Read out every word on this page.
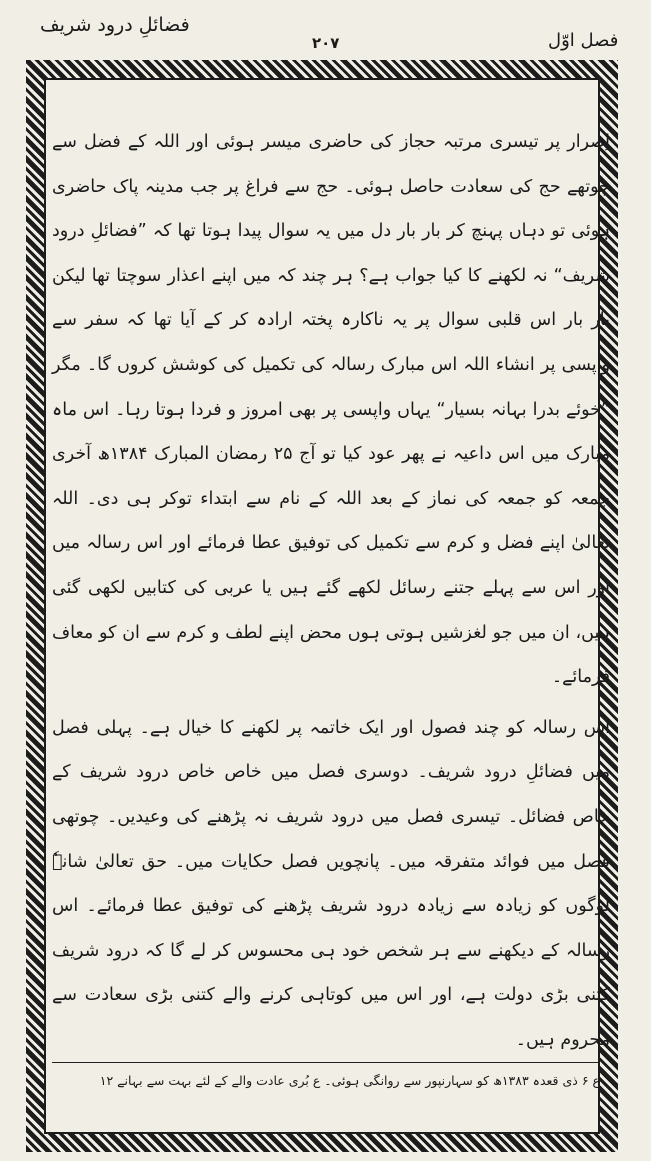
فضائلِ درود شریف
۲۰۷	فصل اوّل

اِصرار پر تیسری مرتبہ حجاز کی حاضری میسر ہوئی اور اللہ کے فضل سے چوتھے حج کی سعادت حاصل ہوئی۔ حج سے فراغ پر جب مدینہ پاک حاضری ہوئی تو دہاں پہنچ کر بار بار دل میں یہ سوال پیدا ہوتا تھا کہ ”فضائلِ درود شریف“ نہ لکھنے کا کیا جواب ہے؟ ہر چند کہ میں اپنے اعذار سوچتا تھا لیکن بار بار اس قلبی سوال پر یہ ناکارہ پختہ ارادہ کر کے آیا تھا کہ سفر سے واپسی پر انشاء اللہ اس مبارک رسالہ کی تکمیل کی کوشش کروں گا۔ مگر ”خوئے بدرا بہانہ بسیار“ یہاں واپسی پر بھی امروز و فردا ہوتا رہا۔ اس ماہ مبارک میں اس داعیہ نے پھر عود کیا تو آج ۲۵ رمضان المبارک ۱۳۸۴ھ آخری جمعہ کو جمعہ کی نماز کے بعد اللہ کے نام سے ابتداء توکر ہی دی۔ اللہ تعالیٰ اپنے فضل و کرم سے تکمیل کی توفیق عطا فرمائے اور اس رسالہ میں اور اس سے پہلے جتنے رسائل لکھے گئے ہیں یا عربی کی کتابیں لکھی گئی ہیں، ان میں جو لغزشیں ہوتی ہوں محض اپنے لطف و کرم سے ان کو معاف فرمائے۔

اس رسالہ کو چند فصول اور ایک خاتمہ پر لکھنے کا خیال ہے۔ پہلی فصل میں فضائلِ درود شریف۔ دوسری فصل میں خاص خاص درود شریف کے خاص فضائل۔ تیسری فصل میں درود شریف نہ پڑھنے کی وعیدیں۔ چوتھی فصل میں فوائد متفرقہ میں۔ پانچویں فصل حکایات میں۔ حق تعالیٰ شانہٗ لوگوں کو زیادہ سے زیادہ درود شریف پڑھنے کی توفیق عطا فرمائے۔ اس رسالہ کے دیکھنے سے ہر شخص خود ہی محسوس کر لے گا کہ درود شریف کتنی بڑی دولت ہے، اور اس میں کوتاہی کرنے والے کتنی بڑی سعادت سے محروم ہیں۔

ع ۶ ذی قعدہ ۱۳۸۳ھ کو سہارنپور سے روانگی ہوئی۔ ع بُری عادت والے کے لئے بہت سے بہانے ۱۲
